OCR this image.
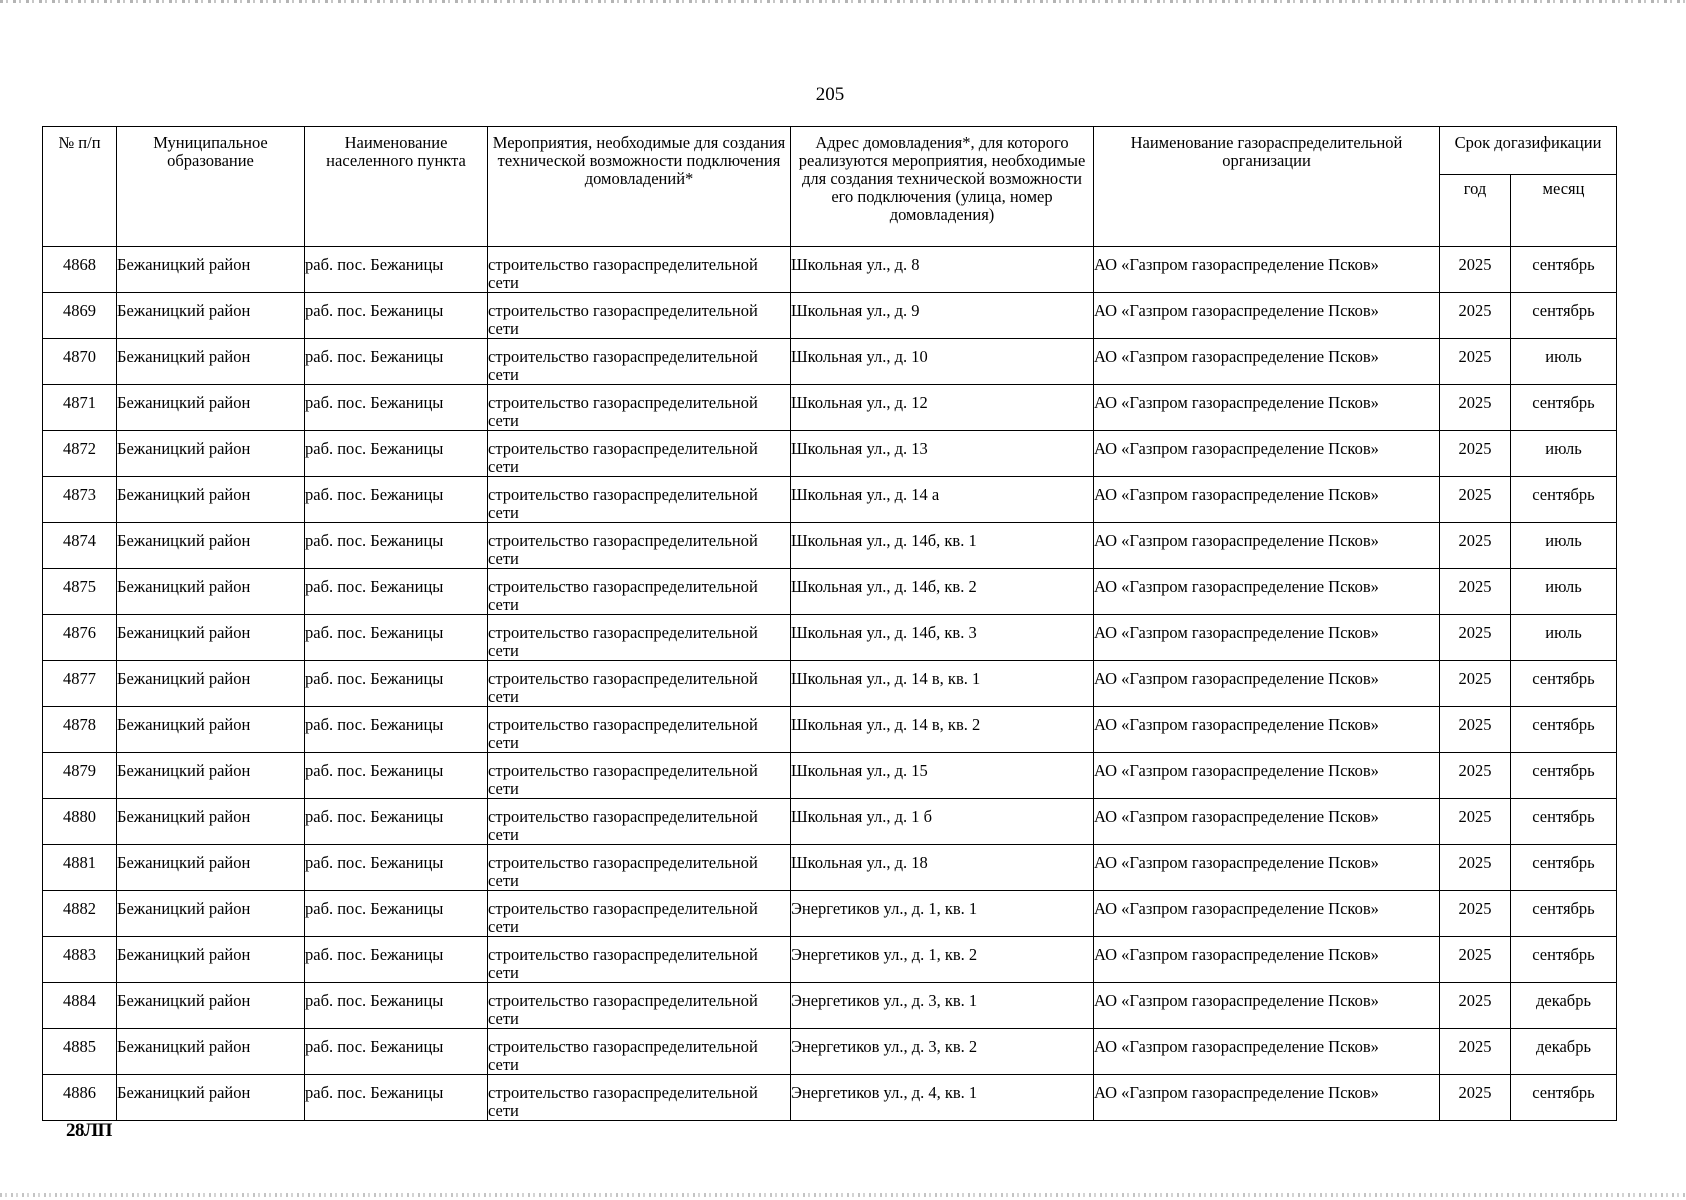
205
№ п/п	Муниципальное образование	Наименование населенного пункта	Мероприятия, необходимые для создания технической возможности подключения домовладений*	Адрес домовладения*, для которого реализуются мероприятия, необходимые для создания технической возможности его подключения (улица, номер домовладения)	Наименование газораспределительной организации	Срок догазификации	
						год	месяц
4868	Бежаницкий район	раб. пос. Бежаницы	строительство газораспределительной сети	Школьная ул., д. 8	АО «Газпром газораспределение Псков»	2025	сентябрь
4869	Бежаницкий район	раб. пос. Бежаницы	строительство газораспределительной сети	Школьная ул., д. 9	АО «Газпром газораспределение Псков»	2025	сентябрь
4870	Бежаницкий район	раб. пос. Бежаницы	строительство газораспределительной сети	Школьная ул., д. 10	АО «Газпром газораспределение Псков»	2025	июль
4871	Бежаницкий район	раб. пос. Бежаницы	строительство газораспределительной сети	Школьная ул., д. 12	АО «Газпром газораспределение Псков»	2025	сентябрь
4872	Бежаницкий район	раб. пос. Бежаницы	строительство газораспределительной сети	Школьная ул., д. 13	АО «Газпром газораспределение Псков»	2025	июль
4873	Бежаницкий район	раб. пос. Бежаницы	строительство газораспределительной сети	Школьная ул., д. 14 а	АО «Газпром газораспределение Псков»	2025	сентябрь
4874	Бежаницкий район	раб. пос. Бежаницы	строительство газораспределительной сети	Школьная ул., д. 14б, кв. 1	АО «Газпром газораспределение Псков»	2025	июль
4875	Бежаницкий район	раб. пос. Бежаницы	строительство газораспределительной сети	Школьная ул., д. 14б, кв. 2	АО «Газпром газораспределение Псков»	2025	июль
4876	Бежаницкий район	раб. пос. Бежаницы	строительство газораспределительной сети	Школьная ул., д. 14б, кв. 3	АО «Газпром газораспределение Псков»	2025	июль
4877	Бежаницкий район	раб. пос. Бежаницы	строительство газораспределительной сети	Школьная ул., д. 14 в, кв. 1	АО «Газпром газораспределение Псков»	2025	сентябрь
4878	Бежаницкий район	раб. пос. Бежаницы	строительство газораспределительной сети	Школьная ул., д. 14 в, кв. 2	АО «Газпром газораспределение Псков»	2025	сентябрь
4879	Бежаницкий район	раб. пос. Бежаницы	строительство газораспределительной сети	Школьная ул., д. 15	АО «Газпром газораспределение Псков»	2025	сентябрь
4880	Бежаницкий район	раб. пос. Бежаницы	строительство газораспределительной сети	Школьная ул., д. 1 б	АО «Газпром газораспределение Псков»	2025	сентябрь
4881	Бежаницкий район	раб. пос. Бежаницы	строительство газораспределительной сети	Школьная ул., д. 18	АО «Газпром газораспределение Псков»	2025	сентябрь
4882	Бежаницкий район	раб. пос. Бежаницы	строительство газораспределительной сети	Энергетиков ул., д. 1, кв. 1	АО «Газпром газораспределение Псков»	2025	сентябрь
4883	Бежаницкий район	раб. пос. Бежаницы	строительство газораспределительной сети	Энергетиков ул., д. 1, кв. 2	АО «Газпром газораспределение Псков»	2025	сентябрь
4884	Бежаницкий район	раб. пос. Бежаницы	строительство газораспределительной сети	Энергетиков ул., д. 3, кв. 1	АО «Газпром газораспределение Псков»	2025	декабрь
4885	Бежаницкий район	раб. пос. Бежаницы	строительство газораспределительной сети	Энергетиков ул., д. 3, кв. 2	АО «Газпром газораспределение Псков»	2025	декабрь
4886	Бежаницкий район	раб. пос. Бежаницы	строительство газораспределительной сети	Энергетиков ул., д. 4, кв. 1	АО «Газпром газораспределение Псков»	2025	сентябрь
28ЛП
